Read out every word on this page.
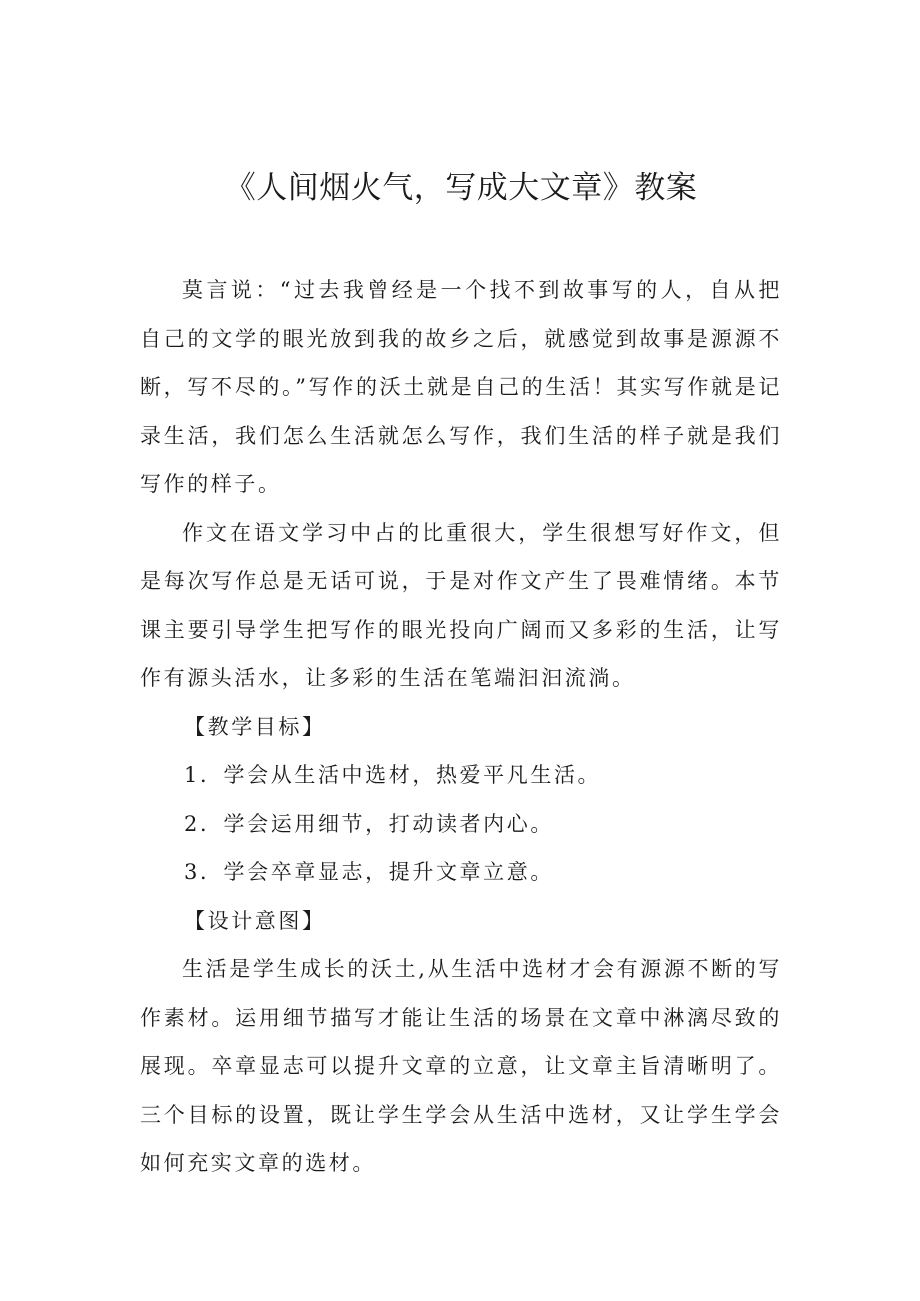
《人间烟火气，写成大文章》教案

莫言说：“过去我曾经是一个找不到故事写的人，自从把自己的文学的眼光放到我的故乡之后，就感觉到故事是源源不断，写不尽的。”写作的沃土就是自己的生活！其实写作就是记录生活，我们怎么生活就怎么写作，我们生活的样子就是我们写作的样子。

作文在语文学习中占的比重很大，学生很想写好作文，但是每次写作总是无话可说，于是对作文产生了畏难情绪。本节课主要引导学生把写作的眼光投向广阔而又多彩的生活，让写作有源头活水，让多彩的生活在笔端汩汩流淌。

【教学目标】

1．学会从生活中选材，热爱平凡生活。

2．学会运用细节，打动读者内心。

3．学会卒章显志，提升文章立意。

【设计意图】

生活是学生成长的沃土,从生活中选材才会有源源不断的写作素材。运用细节描写才能让生活的场景在文章中淋漓尽致的展现。卒章显志可以提升文章的立意，让文章主旨清晰明了。三个目标的设置，既让学生学会从生活中选材，又让学生学会如何充实文章的选材。
